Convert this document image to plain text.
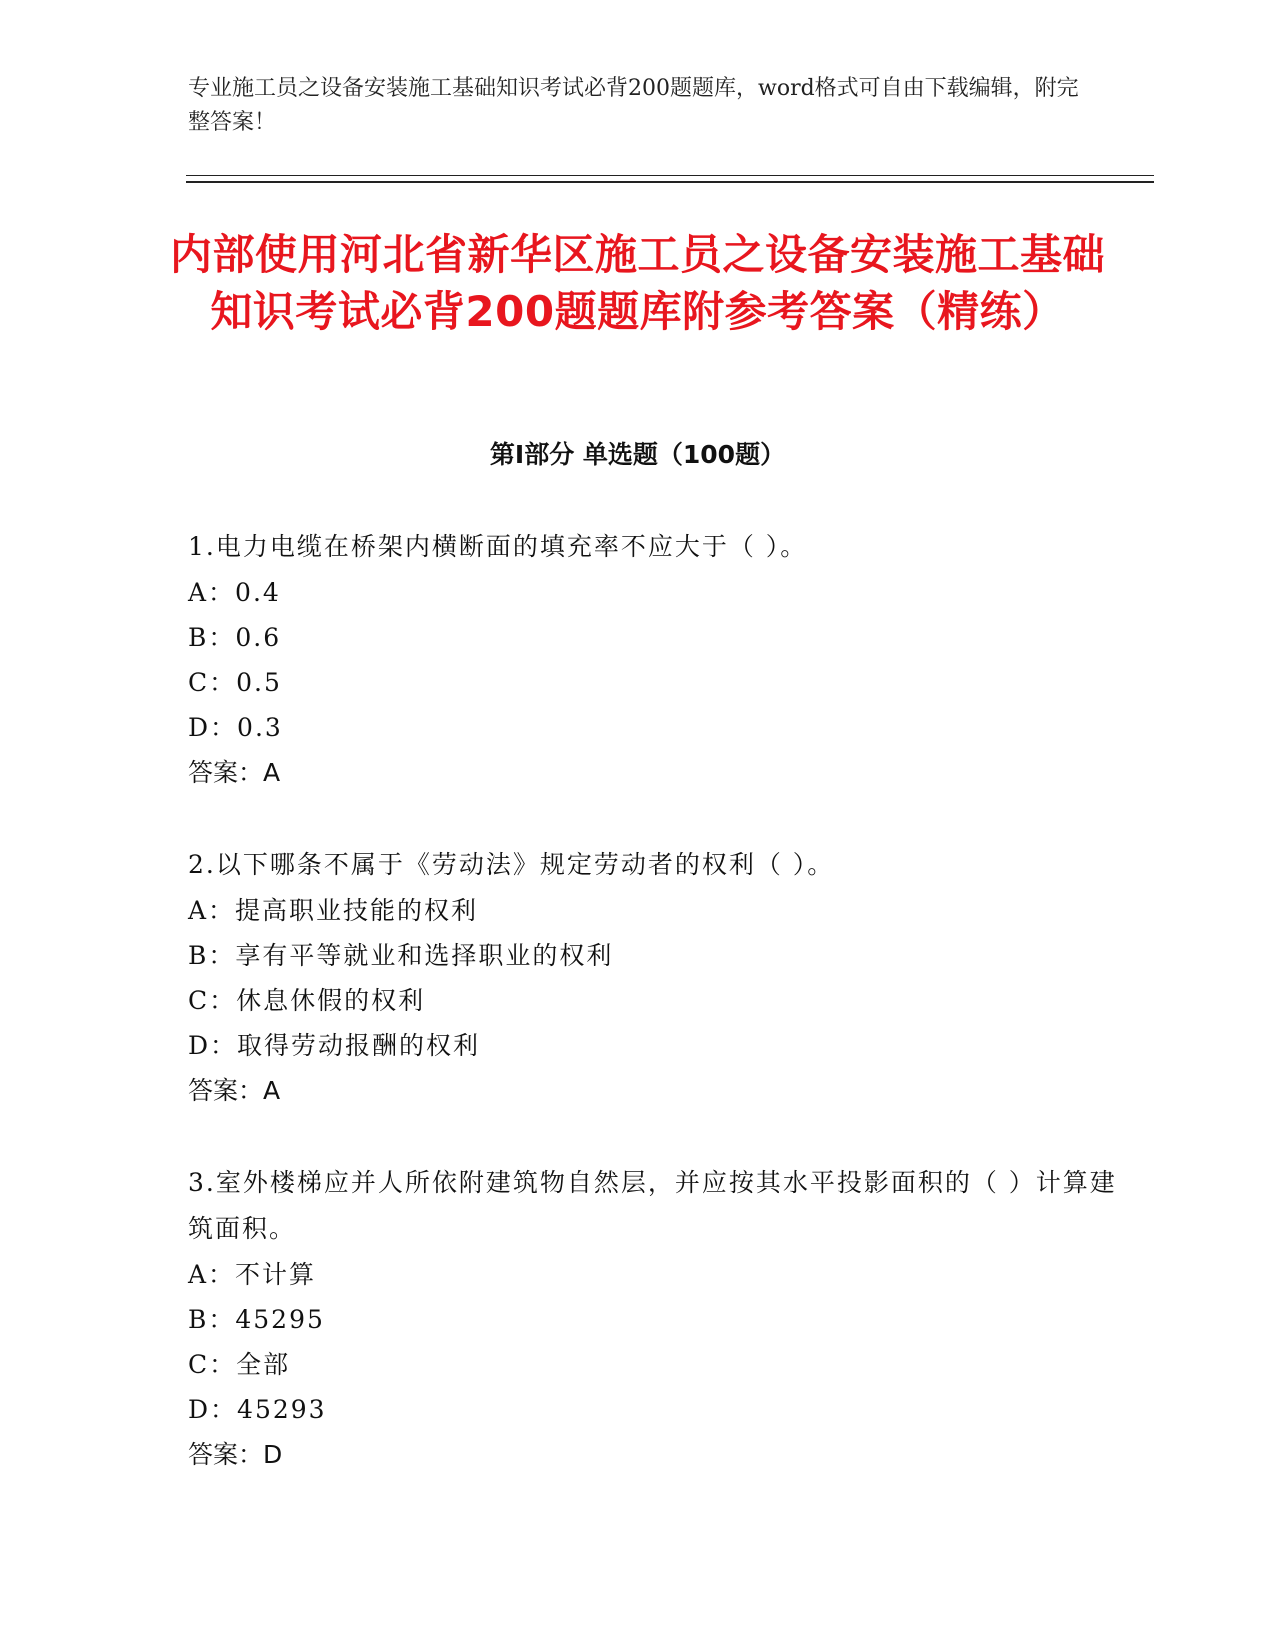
专业施工员之设备安装施工基础知识考试必背200题题库，word格式可自由下载编辑，附完整答案！
内部使用河北省新华区施工员之设备安装施工基础知识考试必背200题题库附参考答案（精练）
第I部分 单选题（100题）
1.电力电缆在桥架内横断面的填充率不应大于（ ）。
A：0.4
B：0.6
C：0.5
D：0.3
答案：A
2.以下哪条不属于《劳动法》规定劳动者的权利（ ）。
A：提高职业技能的权利
B：享有平等就业和选择职业的权利
C：休息休假的权利
D：取得劳动报酬的权利
答案：A
3.室外楼梯应并人所依附建筑物自然层，并应按其水平投影面积的（ ）计算建筑面积。
A：不计算
B：45295
C：全部
D：45293
答案：D
